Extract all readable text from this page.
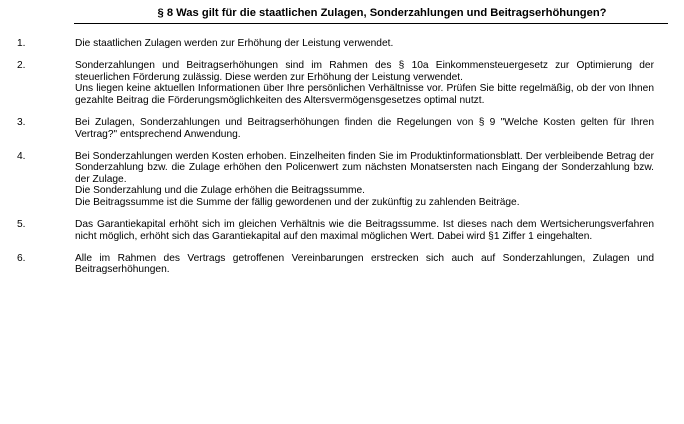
§ 8 Was gilt für die staatlichen Zulagen, Sonderzahlungen und Beitragserhöhungen?
1.	Die staatlichen Zulagen werden zur Erhöhung der Leistung verwendet.

2.	Sonderzahlungen und Beitragserhöhungen sind im Rahmen des § 10a Einkommensteuergesetz zur Optimierung der steuerlichen Förderung zulässig. Diese werden zur Erhöhung der Leistung verwendet.

Uns liegen keine aktuellen Informationen über Ihre persönlichen Verhältnisse vor. Prüfen Sie bitte regelmäßig, ob der von Ihnen gezahlte Beitrag die Förderungsmöglichkeiten des Altersvermögensgesetzes optimal nutzt.

3.	Bei Zulagen, Sonderzahlungen und Beitragserhöhungen finden die Regelungen von § 9 "Welche Kosten gelten für Ihren Vertrag?" entsprechend Anwendung.

4.	Bei Sonderzahlungen werden Kosten erhoben. Einzelheiten finden Sie im Produktinformationsblatt. Der verbleibende Betrag der Sonderzahlung bzw. die Zulage erhöhen den Policenwert zum nächsten Monatsersten nach Eingang der Sonderzahlung bzw. der Zulage.

Die Sonderzahlung und die Zulage erhöhen die Beitragssumme.

Die Beitragssumme ist die Summe der fällig gewordenen und der zukünftig zu zahlenden Beiträge.

5.	Das Garantiekapital erhöht sich im gleichen Verhältnis wie die Beitragssumme. Ist dieses nach dem Wertsicherungsverfahren nicht möglich, erhöht sich das Garantiekapital auf den maximal möglichen Wert. Dabei wird §1 Ziffer 1 eingehalten.

6.	Alle im Rahmen des Vertrags getroffenen Vereinbarungen erstrecken sich auch auf Sonderzahlungen, Zulagen und Beitragserhöhungen.
